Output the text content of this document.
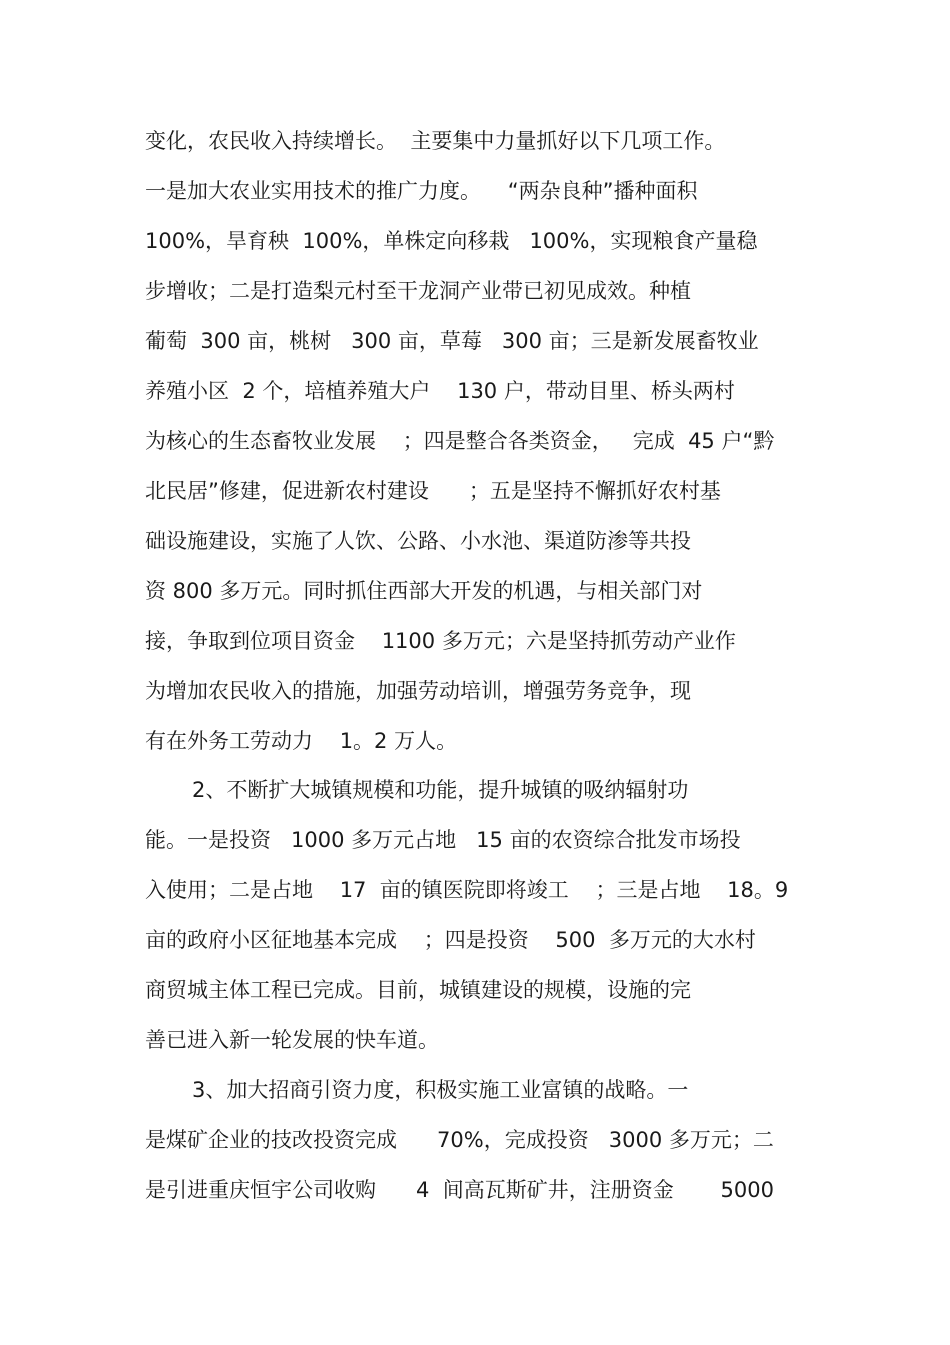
变化，农民收入持续增长。  主要集中力量抓好以下几项工作。
一是加大农业实用技术的推广力度。    “两杂良种”播种面积
100%，旱育秧  100%，单株定向移栽   100%，实现粮食产量稳
步增收；二是打造梨元村至干龙洞产业带已初见成效。种植
葡萄  300 亩，桃树   300 亩，草莓   300 亩；三是新发展畜牧业
养殖小区  2 个，培植养殖大户    130 户，带动目里、桥头两村
为核心的生态畜牧业发展    ；四是整合各类资金，   完成  45 户“黔
北民居”修建，促进新农村建设      ；五是坚持不懈抓好农村基
础设施建设，实施了人饮、公路、小水池、渠道防渗等共投
资 800 多万元。同时抓住西部大开发的机遇，与相关部门对
接，争取到位项目资金    1100 多万元；六是坚持抓劳动产业作
为增加农民收入的措施，加强劳动培训，增强劳务竞争，现
有在外务工劳动力    1。2 万人。
2、不断扩大城镇规模和功能，提升城镇的吸纳辐射功
能。一是投资   1000 多万元占地   15 亩的农资综合批发市场投
入使用；二是占地    17  亩的镇医院即将竣工    ；三是占地    18。9
亩的政府小区征地基本完成    ；四是投资    500  多万元的大水村
商贸城主体工程已完成。目前，城镇建设的规模，设施的完
善已进入新一轮发展的快车道。
3、加大招商引资力度，积极实施工业富镇的战略。一
是煤矿企业的技改投资完成      70%，完成投资   3000 多万元；二
是引进重庆恒宇公司收购      4  间高瓦斯矿井，注册资金       5000
